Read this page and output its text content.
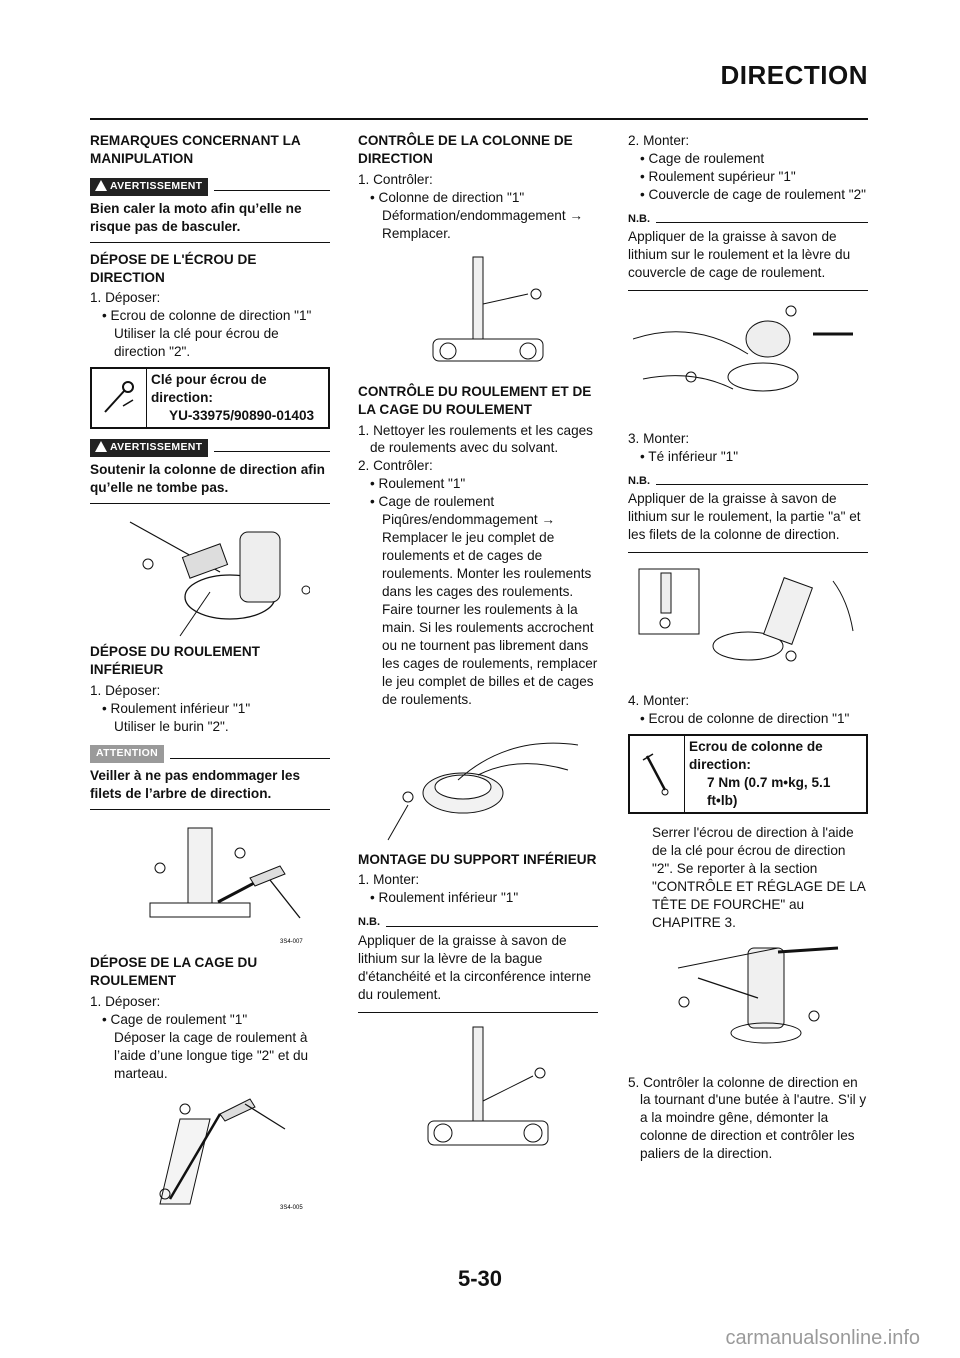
DIRECTION
REMARQUES CONCERNANT LA MANIPULATION
AVERTISSEMENT

Bien caler la moto afin qu’elle ne risque pas de basculer.

DÉPOSE DE L'ÉCROU DE DIRECTION

1. Déposer:

• Ecrou de colonne de direction "1"

Utiliser la clé pour écrou de direction "2".

Clé pour écrou de direction:
YU-33975/90890-01403
AVERTISSEMENT

Soutenir la colonne de direction afin qu’elle ne tombe pas.

DÉPOSE DU ROULEMENT INFÉRIEUR

1. Déposer:

• Roulement inférieur "1"

Utiliser le burin "2".

ATTENTION

Veiller à ne pas endommager les filets de l’arbre de direction.

3S4-007
DÉPOSE DE LA CAGE DU ROULEMENT

1. Déposer:

• Cage de roulement "1"

Déposer la cage de roulement à l’aide d’une longue tige "2" et du marteau.

3S4-005
CONTRÔLE DE LA COLONNE DE DIRECTION

1. Contrôler:

• Colonne de direction "1"

Déformation/endommagement → Remplacer.

CONTRÔLE DU ROULEMENT ET DE LA CAGE DU ROULEMENT

1. Nettoyer les roulements et les cages de roulements avec du solvant.

2. Contrôler:

• Roulement "1"

• Cage de roulement

Piqûres/endommagement → Remplacer le jeu complet de roulements et de cages de roulements. Monter les roulements dans les cages des roulements. Faire tourner les roulements à la main. Si les roulements accrochent ou ne tournent pas librement dans les cages de roulements, remplacer le jeu complet de billes et de cages de roulements.

MONTAGE DU SUPPORT INFÉRIEUR

1. Monter:

• Roulement inférieur "1"

N.B.

Appliquer de la graisse à savon de lithium sur la lèvre de la bague d'étanchéité et la circonférence interne du roulement.

2. Monter:

• Cage de roulement

• Roulement supérieur "1"

• Couvercle de cage de roulement "2"

N.B.

Appliquer de la graisse à savon de lithium sur le roulement et la lèvre du couvercle de cage de roulement.

3. Monter:

• Té inférieur "1"

N.B.

Appliquer de la graisse à savon de lithium sur le roulement, la partie "a" et les filets de la colonne de direction.

4. Monter:

• Ecrou de colonne de direction "1"

Ecrou de colonne de direction:
7 Nm (0.7 m•kg, 5.1 ft•lb)

Serrer l'écrou de direction à l'aide de la clé pour écrou de direction "2". Se reporter à la section "CONTRÔLE ET RÉGLAGE DE LA TÊTE DE FOURCHE" au CHAPITRE 3.

5. Contrôler la colonne de direction en la tournant d'une butée à l'autre. S'il y a la moindre gêne, démonter la colonne de direction et contrôler les paliers de la direction.

5-30
carmanualsonline.info
